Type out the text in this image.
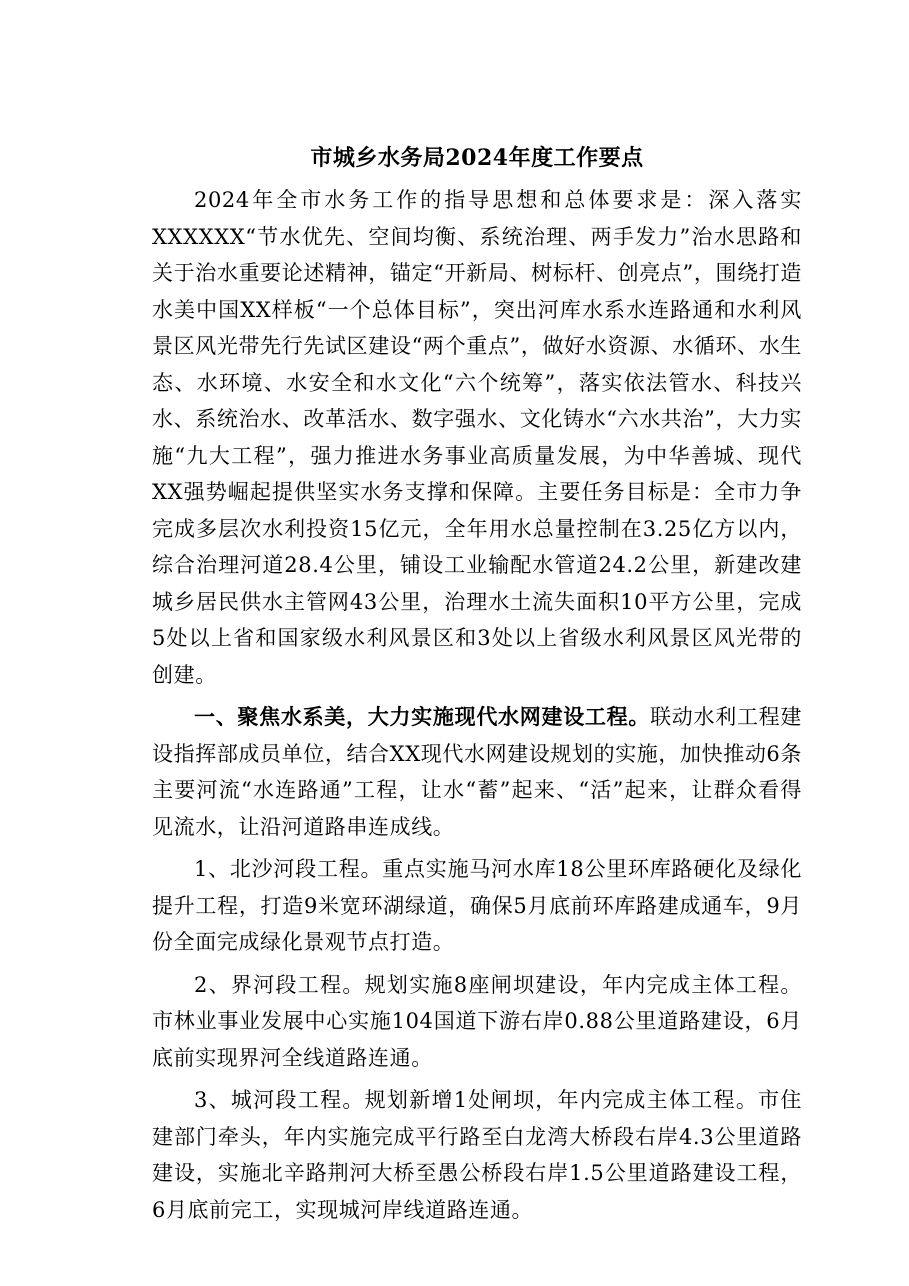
市城乡水务局2024年度工作要点

2024年全市水务工作的指导思想和总体要求是：深入落实XXXXXX“节水优先、空间均衡、系统治理、两手发力”治水思路和关于治水重要论述精神，锚定“开新局、树标杆、创亮点”，围绕打造水美中国XX样板“一个总体目标”，突出河库水系水连路通和水利风景区风光带先行先试区建设“两个重点”，做好水资源、水循环、水生态、水环境、水安全和水文化“六个统筹”，落实依法管水、科技兴水、系统治水、改革活水、数字强水、文化铸水“六水共治”，大力实施“九大工程”，强力推进水务事业高质量发展，为中华善城、现代XX强势崛起提供坚实水务支撑和保障。主要任务目标是：全市力争完成多层次水利投资15亿元，全年用水总量控制在3.25亿方以内，综合治理河道28.4公里，铺设工业输配水管道24.2公里，新建改建城乡居民供水主管网43公里，治理水土流失面积10平方公里，完成5处以上省和国家级水利风景区和3处以上省级水利风景区风光带的创建。

一、聚焦水系美，大力实施现代水网建设工程。联动水利工程建设指挥部成员单位，结合XX现代水网建设规划的实施，加快推动6条主要河流“水连路通”工程，让水“蓄”起来、“活”起来，让群众看得见流水，让沿河道路串连成线。

1、北沙河段工程。重点实施马河水库18公里环库路硬化及绿化提升工程，打造9米宽环湖绿道，确保5月底前环库路建成通车，9月份全面完成绿化景观节点打造。

2、界河段工程。规划实施8座闸坝建设，年内完成主体工程。市林业事业发展中心实施104国道下游右岸0.88公里道路建设，6月底前实现界河全线道路连通。

3、城河段工程。规划新增1处闸坝，年内完成主体工程。市住建部门牵头，年内实施完成平行路至白龙湾大桥段右岸4.3公里道路建设，实施北辛路荆河大桥至愚公桥段右岸1.5公里道路建设工程，6月底前完工，实现城河岸线道路连通。
